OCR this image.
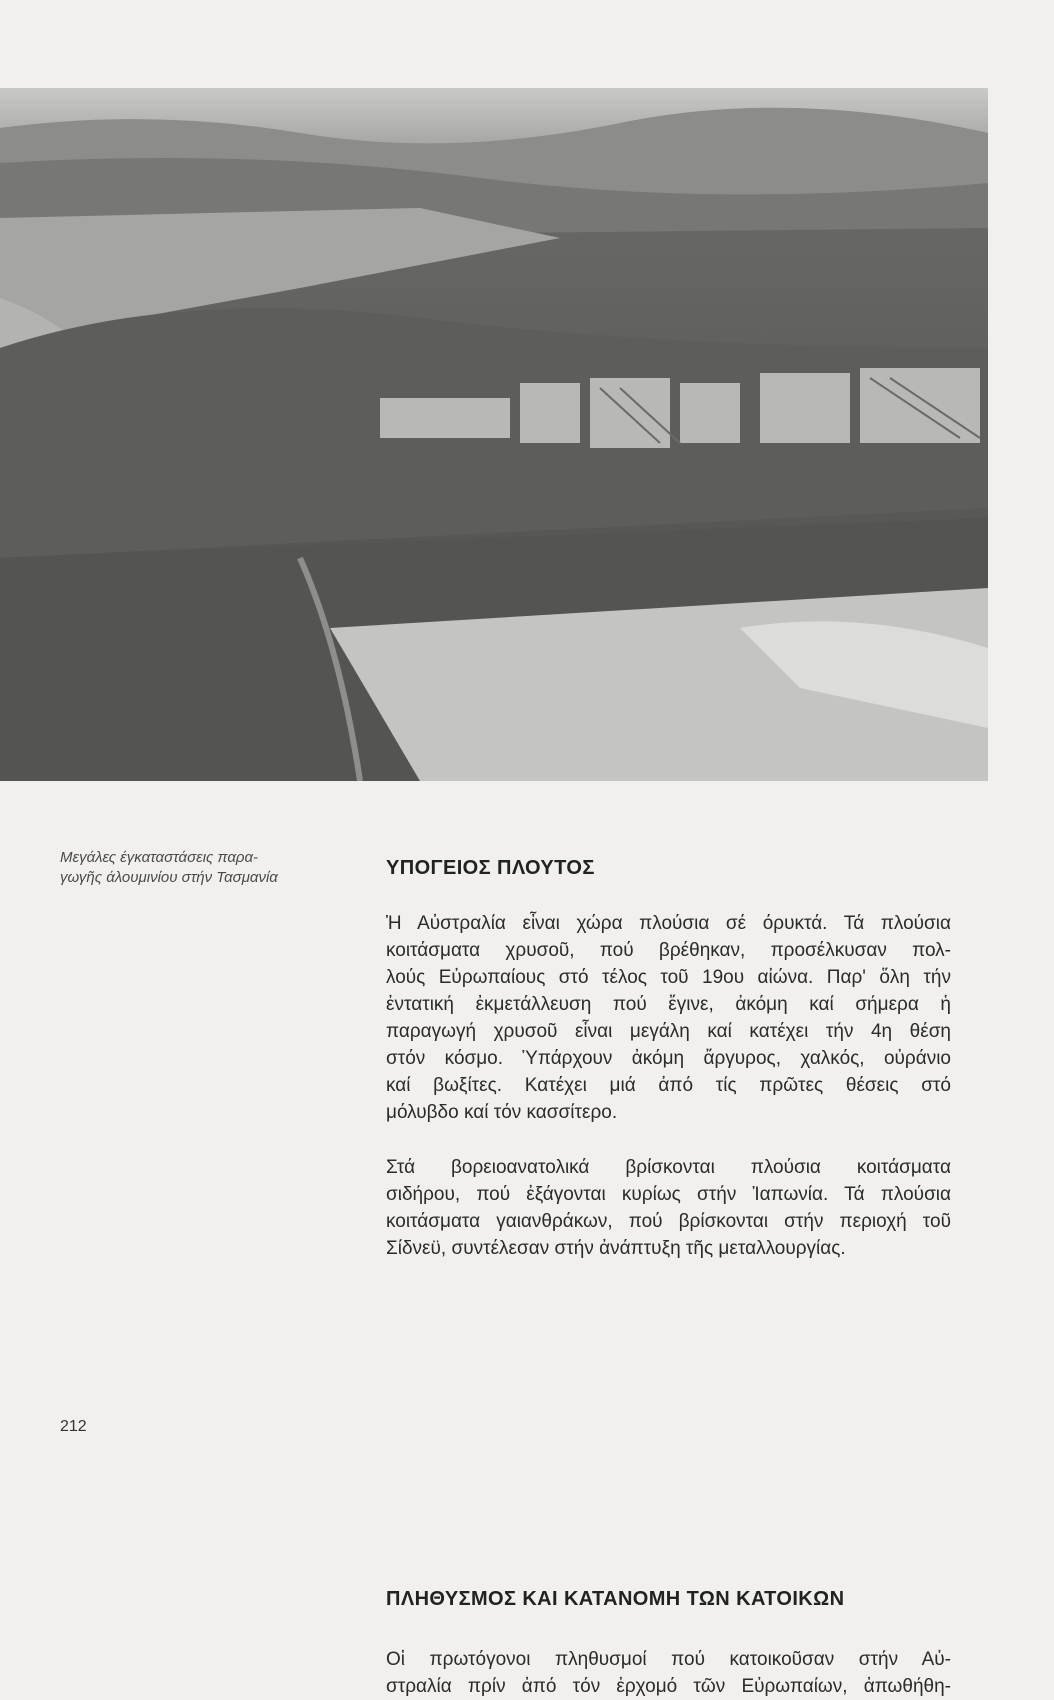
Μεγάλες έγκαταστάσεις παρα-
γωγῆς άλουμινίου στήν Τασμανία	ΥΠΟΓΕΙΟΣ ΠΛΟΥΤΟΣ
Ἡ Αὐστραλία εἶναι χώρα πλούσια σέ όρυκτά. Τά πλούσια
κοιτάσματα χρυσοῦ, πού βρέθηκαν, προσέλκυσαν πολ-
λούς Εὐρωπαίους στό τέλος τοῦ 19ου αἰώνα. Παρ' ὅλη τήν
ἐντατική ἐκμετάλλευση πού ἔγινε, ἀκόμη καί σήμερα ἡ
παραγωγή χρυσοῦ εἶναι μεγάλη καί κατέχει τήν 4η θέση
στόν κόσμο. Ὑπάρχουν ἀκόμη ἄργυρος, χαλκός, οὐράνιο
καί βωξίτες. Κατέχει μιά ἀπό τίς πρῶτες θέσεις στό
μόλυβδο καί τόν κασσίτερο.
Στά βορειοανατολικά βρίσκονται πλούσια κοιτάσματα
σιδήρου, πού ἐξάγονται κυρίως στήν Ἰαπωνία. Τά πλούσια
κοιτάσματα γαιανθράκων, πού βρίσκονται στήν περιοχή τοῦ
Σίδνεϋ, συντέλεσαν στήν ἀνάπτυξη τῆς μεταλλουργίας.
ΠΛΗΘΥΣΜΟΣ ΚΑΙ ΚΑΤΑΝΟΜΗ ΤΩΝ ΚΑΤΟΙΚΩΝ
Οἱ πρωτόγονοι πληθυσμοί πού κατοικοῦσαν στήν Αὐ-
στραλία πρίν ἀπό τόν ἐρχομό τῶν Εὐρωπαίων, ἀπωθήθη-
212
